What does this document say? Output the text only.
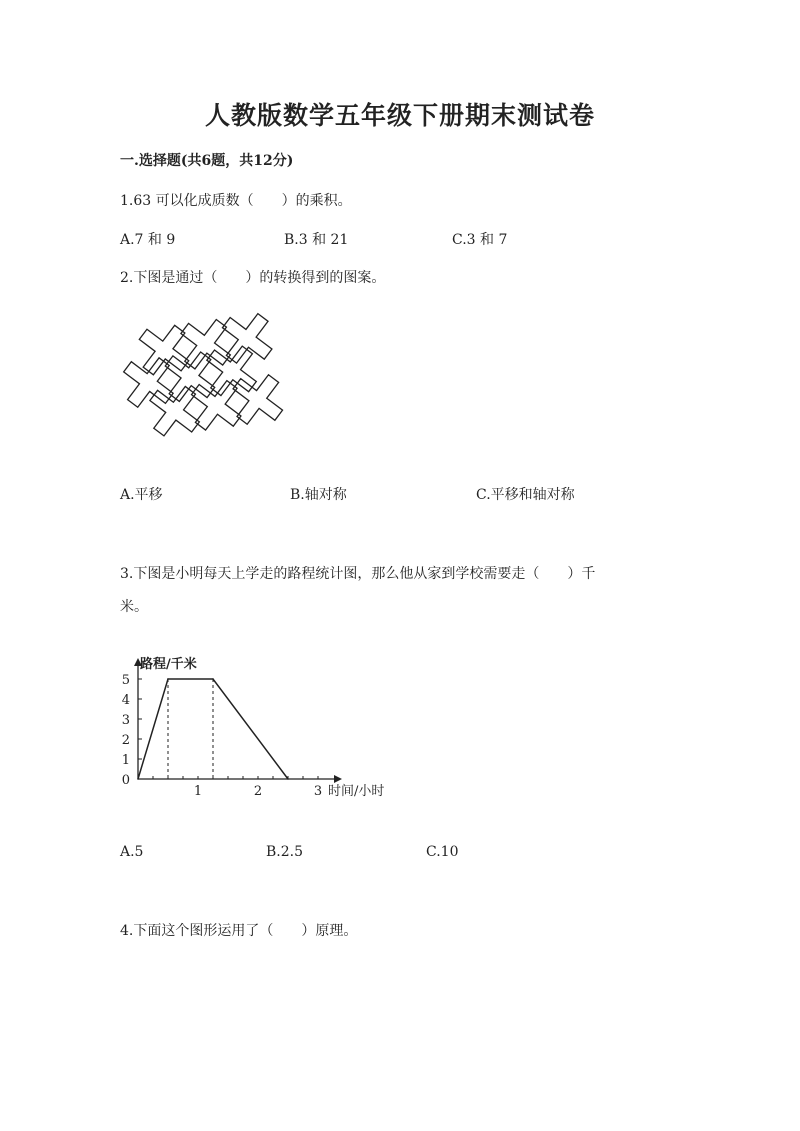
人教版数学五年级下册期末测试卷
一.选择题(共6题，共12分)
1.63 可以化成质数（　　）的乘积。
A.7 和 9	B.3 和 21	C.3 和 7
2.下图是通过（　　）的转换得到的图案。
A.平移	B.轴对称	C.平移和轴对称
3.下图是小明每天上学走的路程统计图，那么他从家到学校需要走（　　）千
米。
0
1
2
3
4
5
1	2	3
路程/千米
时间/小时
A.5	B.2.5	C.10
4.下面这个图形运用了（　　）原理。
